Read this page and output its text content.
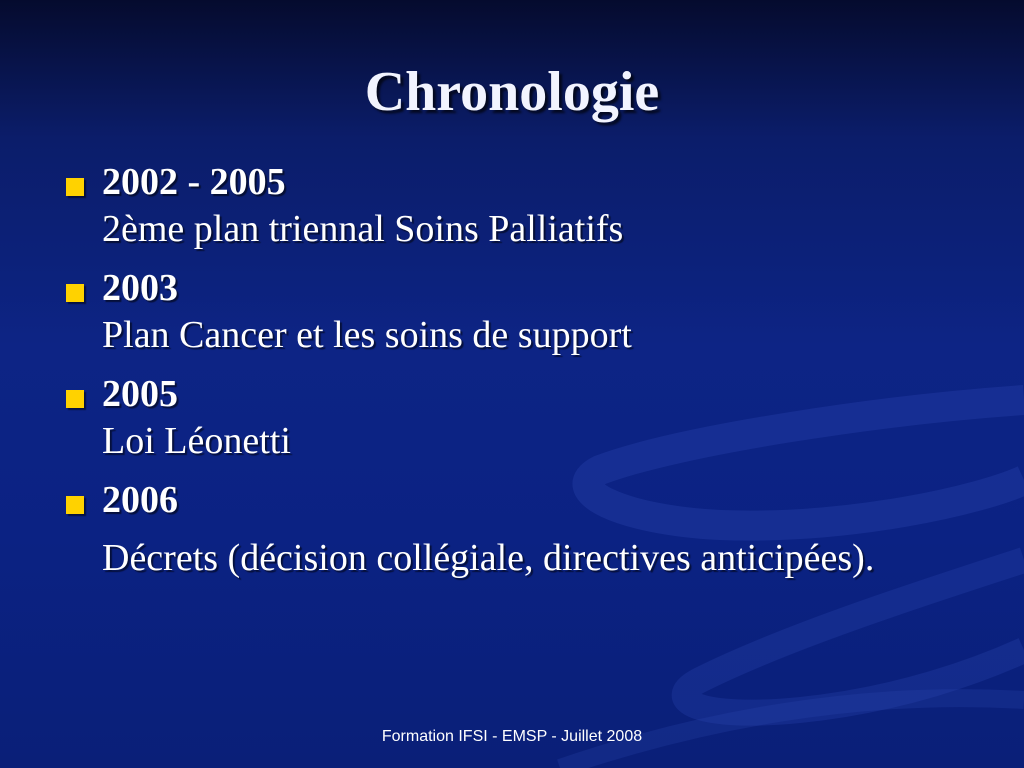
Chronologie
2002 - 2005
2ème plan triennal Soins Palliatifs
2003
Plan Cancer et les soins de support
2005
Loi Léonetti
2006
Décrets (décision collégiale, directives anticipées).
Formation IFSI - EMSP - Juillet 2008
